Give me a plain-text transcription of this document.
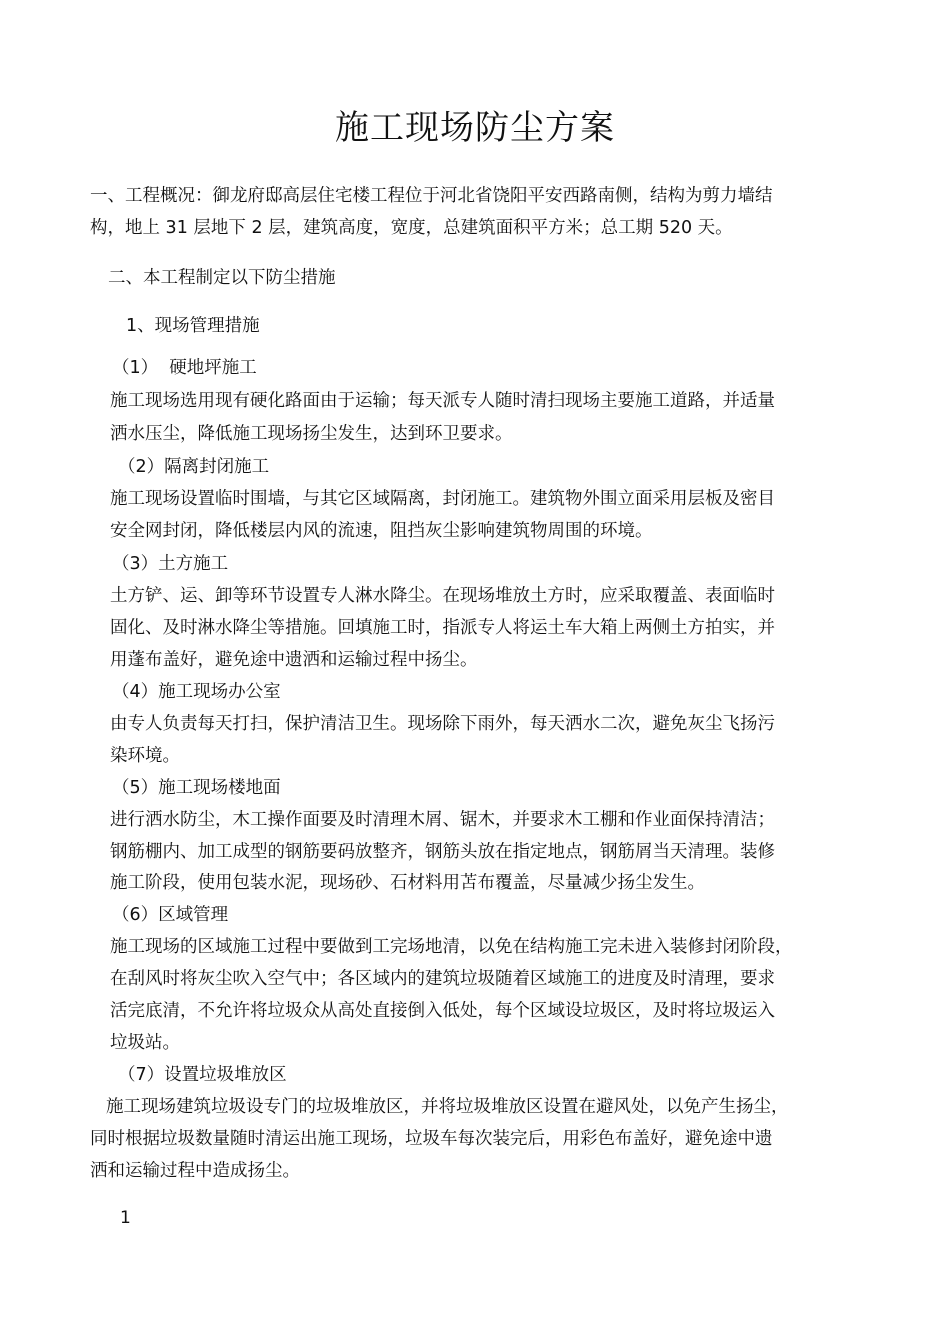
施工现场防尘方案
一、工程概况：御龙府邸高层住宅楼工程位于河北省饶阳平安西路南侧，结构为剪力墙结
构，地上 31 层地下 2 层，建筑高度，宽度，总建筑面积平方米；总工期 520 天。
二、本工程制定以下防尘措施
1、现场管理措施
（1）  硬地坪施工
施工现场选用现有硬化路面由于运输；每天派专人随时清扫现场主要施工道路，并适量
洒水压尘，降低施工现场扬尘发生，达到环卫要求。
（2）隔离封闭施工
施工现场设置临时围墙，与其它区域隔离，封闭施工。建筑物外围立面采用层板及密目
安全网封闭，降低楼层内风的流速，阻挡灰尘影响建筑物周围的环境。
（3）土方施工
土方铲、运、卸等环节设置专人淋水降尘。在现场堆放土方时，应采取覆盖、表面临时
固化、及时淋水降尘等措施。回填施工时，指派专人将运土车大箱上两侧土方拍实，并
用蓬布盖好，避免途中遗洒和运输过程中扬尘。
（4）施工现场办公室
由专人负责每天打扫，保护清洁卫生。现场除下雨外，每天洒水二次，避免灰尘飞扬污
染环境。
（5）施工现场楼地面
进行洒水防尘，木工操作面要及时清理木屑、锯木，并要求木工棚和作业面保持清洁；
钢筋棚内、加工成型的钢筋要码放整齐，钢筋头放在指定地点，钢筋屑当天清理。装修
施工阶段，使用包装水泥，现场砂、石材料用苫布覆盖，尽量减少扬尘发生。
（6）区域管理
施工现场的区域施工过程中要做到工完场地清，以免在结构施工完未进入装修封闭阶段，
在刮风时将灰尘吹入空气中；各区域内的建筑垃圾随着区域施工的进度及时清理，要求
活完底清，不允许将垃圾众从高处直接倒入低处，每个区域设垃圾区，及时将垃圾运入
垃圾站。
（7）设置垃圾堆放区
施工现场建筑垃圾设专门的垃圾堆放区，并将垃圾堆放区设置在避风处，以免产生扬尘，
同时根据垃圾数量随时清运出施工现场，垃圾车每次装完后，用彩色布盖好，避免途中遗
洒和运输过程中造成扬尘。
1
